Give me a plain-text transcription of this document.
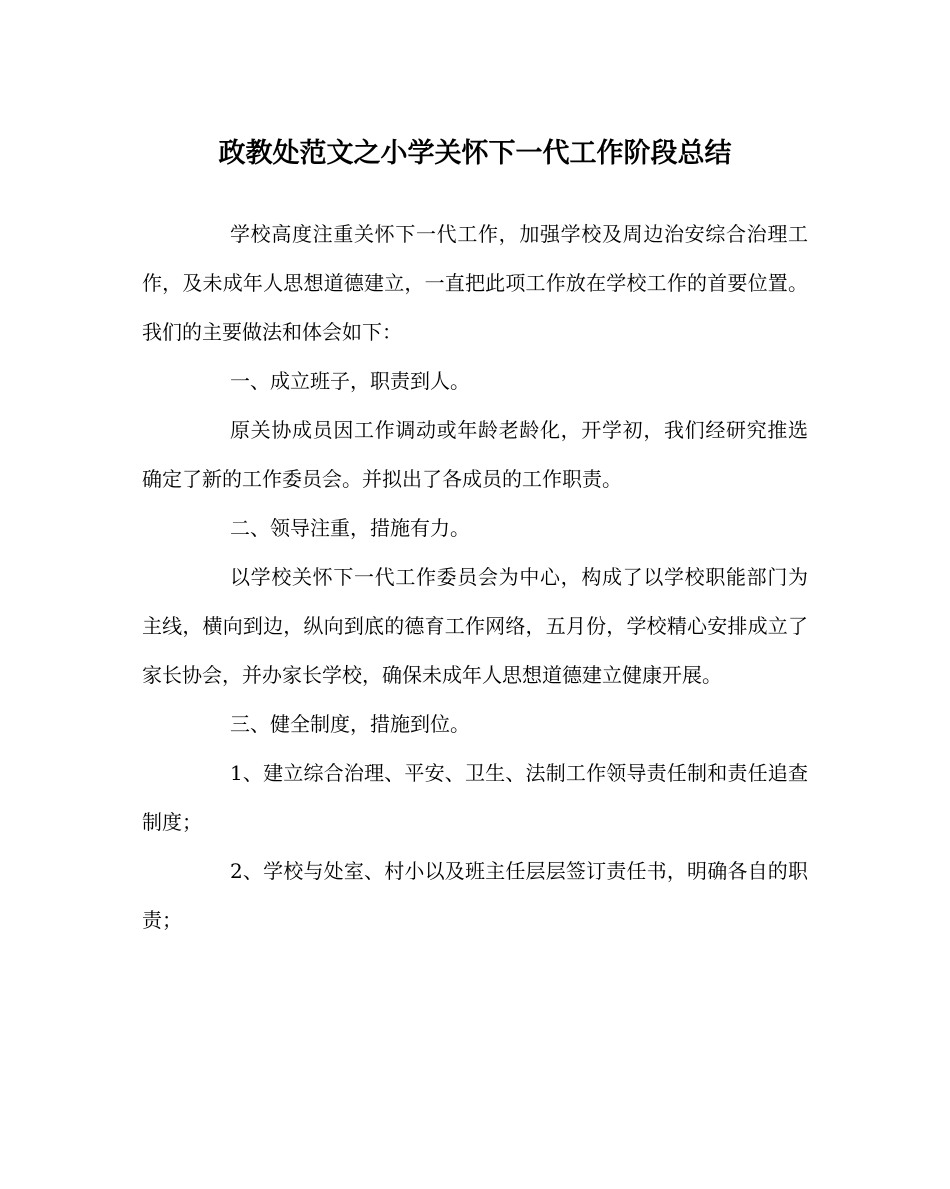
政教处范文之小学关怀下一代工作阶段总结

学校高度注重关怀下一代工作，加强学校及周边治安综合治理工作，及未成年人思想道德建立，一直把此项工作放在学校工作的首要位置。我们的主要做法和体会如下：

一、成立班子，职责到人。

原关协成员因工作调动或年龄老龄化，开学初，我们经研究推选确定了新的工作委员会。并拟出了各成员的工作职责。

二、领导注重，措施有力。

以学校关怀下一代工作委员会为中心，构成了以学校职能部门为主线，横向到边，纵向到底的德育工作网络，五月份，学校精心安排成立了家长协会，并办家长学校，确保未成年人思想道德建立健康开展。

三、健全制度，措施到位。

1、建立综合治理、平安、卫生、法制工作领导责任制和责任追查制度；

2、学校与处室、村小以及班主任层层签订责任书，明确各自的职责；
